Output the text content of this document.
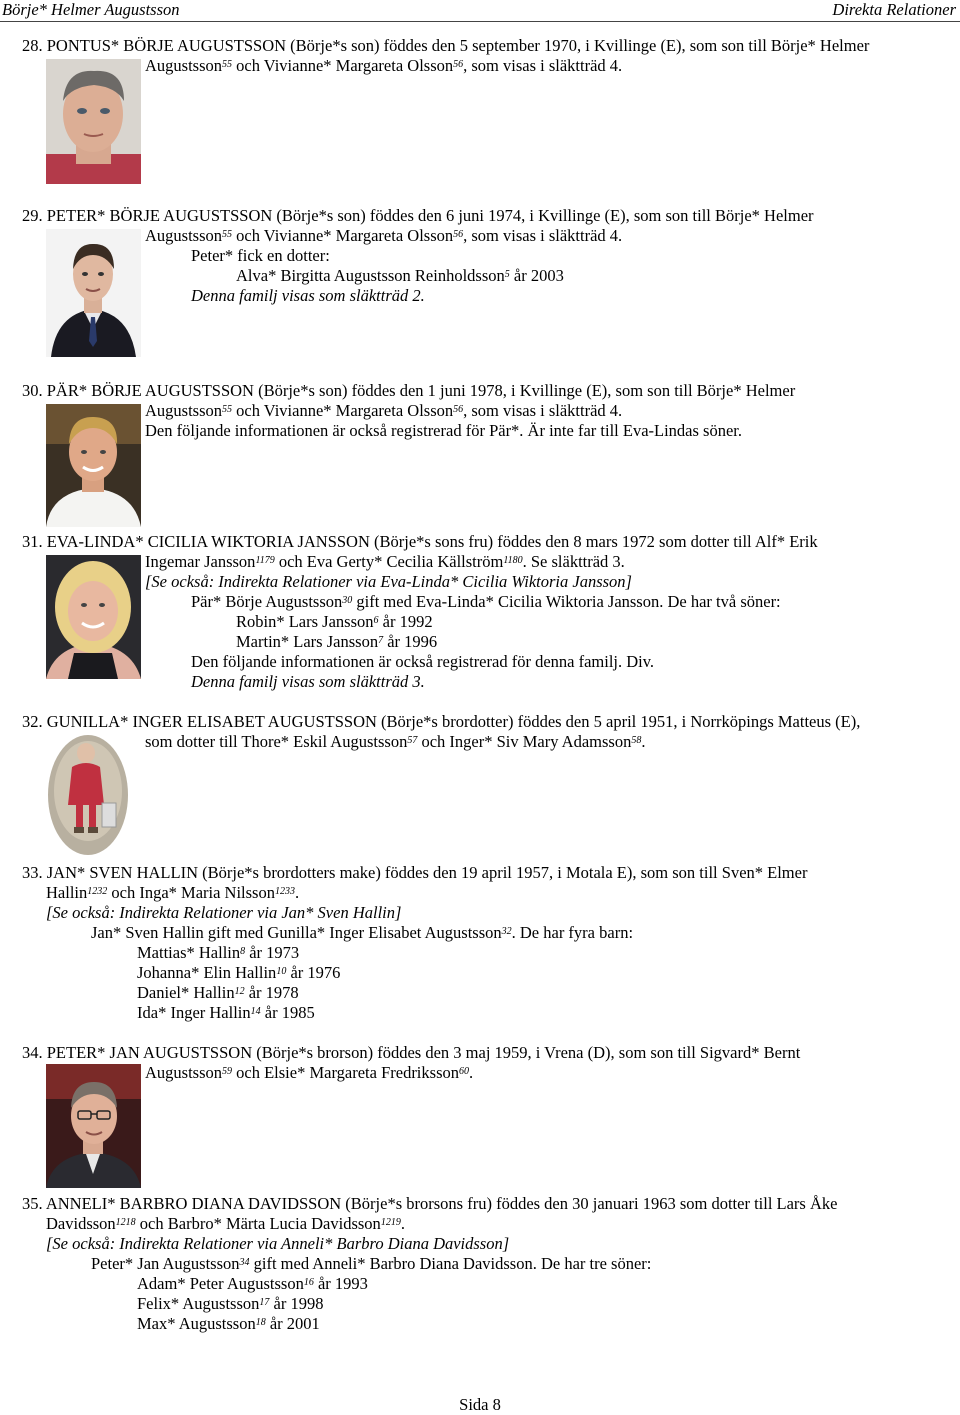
Börje* Helmer Augustsson	Direkta Relationer
28. PONTUS* BÖRJE AUGUSTSSON (Börje*s son) föddes den 5 september 1970, i Kvillinge (E), som son till Börje* Helmer
Augustsson$^{55}$ och Vivianne* Margareta Olsson$^{56}$, som visas i släktträd 4.
29. PETER* BÖRJE AUGUSTSSON (Börje*s son) föddes den 6 juni 1974, i Kvillinge (E), som son till Börje* Helmer
Augustsson$^{55}$ och Vivianne* Margareta Olsson$^{56}$, som visas i släktträd 4.
Peter* fick en dotter:
Alva* Birgitta Augustsson Reinholdsson$^5$ år 2003
Denna familj visas som släktträd 2.
30. PÄR* BÖRJE AUGUSTSSON (Börje*s son) föddes den 1 juni 1978, i Kvillinge (E), som son till Börje* Helmer
Augustsson$^{55}$ och Vivianne* Margareta Olsson$^{56}$, som visas i släktträd 4.
Den följande informationen är också registrerad för Pär*. Är inte far till Eva-Lindas söner.
31. EVA-LINDA* CICILIA WIKTORIA JANSSON (Börje*s sons fru) föddes den 8 mars 1972 som dotter till Alf* Erik
Ingemar Jansson$^{1179}$ och Eva Gerty* Cecilia Källström$^{1180}$. Se släktträd 3.
[Se också: Indirekta Relationer via Eva-Linda* Cicilia Wiktoria Jansson]
Pär* Börje Augustsson$^{30}$ gift med Eva-Linda* Cicilia Wiktoria Jansson. De har två söner:
Robin* Lars Jansson$^6$ år 1992
Martin* Lars Jansson$^7$ år 1996
Den följande informationen är också registrerad för denna familj. Div.
Denna familj visas som släktträd 3.
32. GUNILLA* INGER ELISABET AUGUSTSSON (Börje*s brordotter) föddes den 5 april 1951, i Norrköpings Matteus (E),
som dotter till Thore* Eskil Augustsson$^{57}$ och Inger* Siv Mary Adamsson$^{58}$.
33. JAN* SVEN HALLIN (Börje*s brordotters make) föddes den 19 april 1957, i Motala E), som son till Sven* Elmer
Hallin$^{1232}$ och Inga* Maria Nilsson$^{1233}$.
[Se också: Indirekta Relationer via Jan* Sven Hallin]
Jan* Sven Hallin gift med Gunilla* Inger Elisabet Augustsson$^{32}$. De har fyra barn:
Mattias* Hallin$^8$ år 1973
Johanna* Elin Hallin$^{10}$ år 1976
Daniel* Hallin$^{12}$ år 1978
Ida* Inger Hallin$^{14}$ år 1985
34. PETER* JAN AUGUSTSSON (Börje*s brorson) föddes den 3 maj 1959, i Vrena (D), som son till Sigvard* Bernt
Augustsson$^{59}$ och Elsie* Margareta Fredriksson$^{60}$.
35. ANNELI* BARBRO DIANA DAVIDSSON (Börje*s brorsons fru) föddes den 30 januari 1963 som dotter till Lars Åke
Davidsson$^{1218}$ och Barbro* Märta Lucia Davidsson$^{1219}$.
[Se också: Indirekta Relationer via Anneli* Barbro Diana Davidsson]
Peter* Jan Augustsson$^{34}$ gift med Anneli* Barbro Diana Davidsson. De har tre söner:
Adam* Peter Augustsson$^{16}$ år 1993
Felix* Augustsson$^{17}$ år 1998
Max* Augustsson$^{18}$ år 2001
Sida 8
